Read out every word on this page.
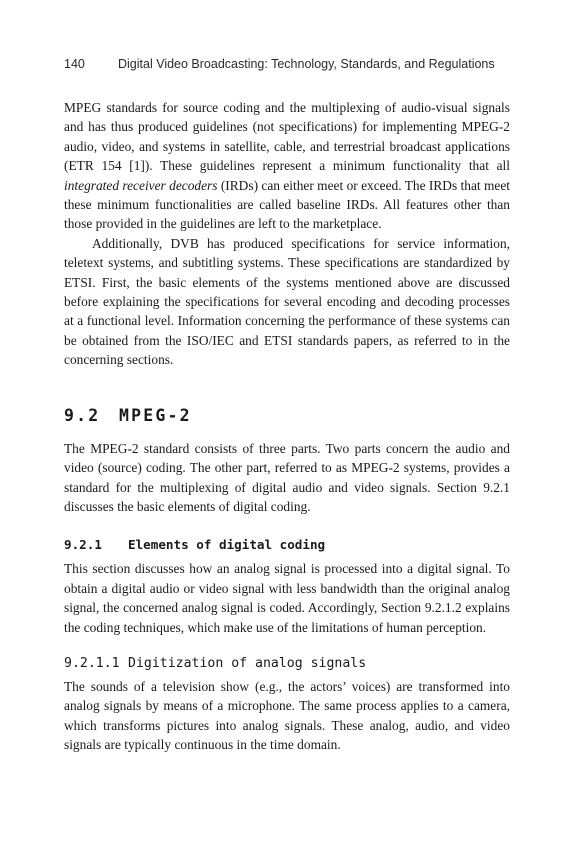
140	Digital Video Broadcasting: Technology, Standards, and Regulations

MPEG standards for source coding and the multiplexing of audio-visual signals and has thus produced guidelines (not specifications) for implementing MPEG-2 audio, video, and systems in satellite, cable, and terrestrial broadcast applications (ETR 154 [1]). These guidelines represent a minimum functionality that all integrated receiver decoders (IRDs) can either meet or exceed. The IRDs that meet these minimum functionalities are called baseline IRDs. All features other than those provided in the guidelines are left to the marketplace.

Additionally, DVB has produced specifications for service information, teletext systems, and subtitling systems. These specifications are standardized by ETSI. First, the basic elements of the systems mentioned above are discussed before explaining the specifications for several encoding and decoding processes at a functional level. Information concerning the performance of these systems can be obtained from the ISO/IEC and ETSI standards papers, as referred to in the concerning sections.

9.2 MPEG-2

The MPEG-2 standard consists of three parts. Two parts concern the audio and video (source) coding. The other part, referred to as MPEG-2 systems, provides a standard for the multiplexing of digital audio and video signals. Section 9.2.1 discusses the basic elements of digital coding.

9.2.1 Elements of digital coding

This section discusses how an analog signal is processed into a digital signal. To obtain a digital audio or video signal with less bandwidth than the original analog signal, the concerned analog signal is coded. Accordingly, Section 9.2.1.2 explains the coding techniques, which make use of the limitations of human perception.

9.2.1.1 Digitization of analog signals

The sounds of a television show (e.g., the actors’ voices) are transformed into analog signals by means of a microphone. The same process applies to a camera, which transforms pictures into analog signals. These analog, audio, and video signals are typically continuous in the time domain.
